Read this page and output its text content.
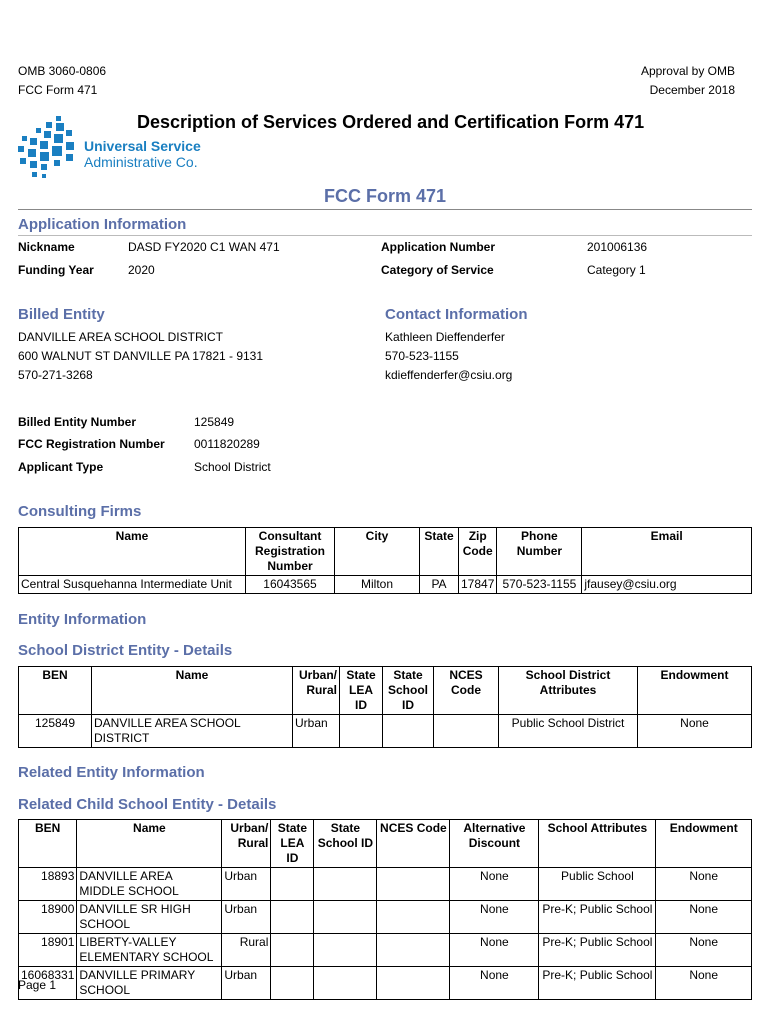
OMB 3060-0806
FCC Form 471
Approval by OMB
December 2018
Description of Services Ordered and Certification Form 471
Universal Service
Administrative Co.
FCC Form 471
Application Information
Nickname	DASD FY2020 C1 WAN 471
Funding Year	2020
Application Number	201006136
Category of Service	Category 1
Billed Entity
DANVILLE AREA SCHOOL DISTRICT
600 WALNUT ST DANVILLE PA 17821 - 9131
570-271-3268
Contact Information
Kathleen Dieffenderfer
570-523-1155
kdieffenderfer@csiu.org
Billed Entity Number	125849
FCC Registration Number 0011820289
Applicant Type	School District
Consulting Firms
Name	Consultant Registration Number	City	State	Zip Code	Phone Number	Email
Central Susquehanna Intermediate Unit	16043565	Milton	PA	17847	570-523-1155	jfausey@csiu.org
Entity Information
School District Entity - Details
BEN	Name	Urban/ Rural	State LEA ID	State School ID	NCES Code	School District Attributes	Endowment
125849	DANVILLE AREA SCHOOL DISTRICT	Urban				Public School District	None
Related Entity Information
Related Child School Entity - Details
BEN	Name	Urban/ Rural	State LEA ID	State School ID	NCES Code	Alternative Discount	School Attributes	Endowment
18893	DANVILLE AREA MIDDLE SCHOOL	Urban				None	Public School	None
18900	DANVILLE SR HIGH SCHOOL	Urban				None	Pre-K; Public School	None
18901	LIBERTY-VALLEY ELEMENTARY SCHOOL	Rural				None	Pre-K; Public School	None
16068331	DANVILLE PRIMARY SCHOOL	Urban				None	Pre-K; Public School	None
Page 1
